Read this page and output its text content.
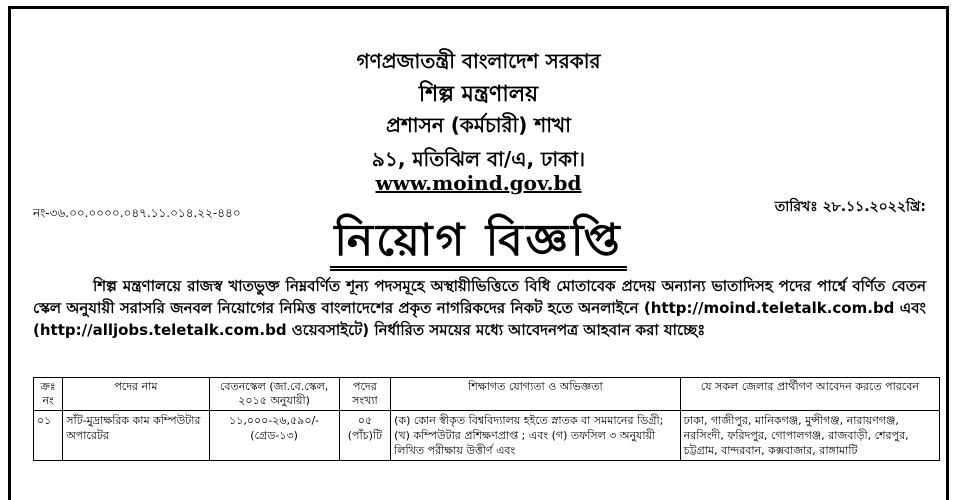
গণপ্রজাতন্ত্রী বাংলাদেশ সরকার
শিল্প মন্ত্রণালয়
প্রশাসন (কর্মচারী) শাখা
৯১, মতিঝিল বা/এ, ঢাকা।
www.moind.gov.bd
নং-৩৬.০০.০০০০.০৪৭.১১.০১৪.২২-৪৪০	তারিখঃ ২৮.১১.২০২২খ্রি:
নিয়োগ বিজ্ঞপ্তি
শিল্প মন্ত্রণালয়ে রাজস্ব খাতভুক্ত নিম্নবর্ণিত শূন্য পদসমূহে অস্থায়ীভিত্তিতে বিধি মোতাবেক প্রদেয় অন্যান্য ভাতাদিসহ পদের পার্শ্বে বর্ণিত বেতন স্কেল অনুযায়ী সরাসরি জনবল নিয়োগের নিমিত্ত বাংলাদেশের প্রকৃত নাগরিকদের নিকট হতে অনলাইনে (http://moind.teletalk.com.bd এবং (http://alljobs.teletalk.com.bd ওয়েবসাইটে) নির্ধারিত সময়ের মধ্যে আবেদনপত্র আহবান করা যাচ্ছেঃ
ক্রঃ নং	পদের নাম	বেতনস্কেল (জা.বে.স্কেল, ২০১৫ অনুযায়ী)	পদের সংখ্যা	শিক্ষাগত যোগ্যতা ও অভিজ্ঞতা	যে সকল জেলার প্রার্থীগণ আবেদন করতে পারবেন
০১	সাঁট-মুদ্রাক্ষরিক কাম কম্পিউটার অপারেটর	১১,০০০-২৬,৫৯০/- (গ্রেড-১৩)	০৫ (পাঁচ)টি	(ক) কোন স্বীকৃত বিশ্ববিদ্যালয় হইতে স্নাতক বা সমমানের ডিগ্রী; (খ) কম্পিউটার প্রশিক্ষণপ্রাপ্ত ; এবং (গ) তফসিল ৩ অনুযায়ী লিখিত পরীক্ষায় উত্তীর্ণ এবং	ঢাকা, গাজীপুর, মানিকগঞ্জ, মুন্সীগঞ্জ, নারায়ণগঞ্জ, নরসিংদী, ফরিদপুর, গোপালগঞ্জ, রাজবাড়ী, শেরপুর, চট্টগ্রাম, বান্দরবান, কক্সবাজার, রাঙ্গামাটি
